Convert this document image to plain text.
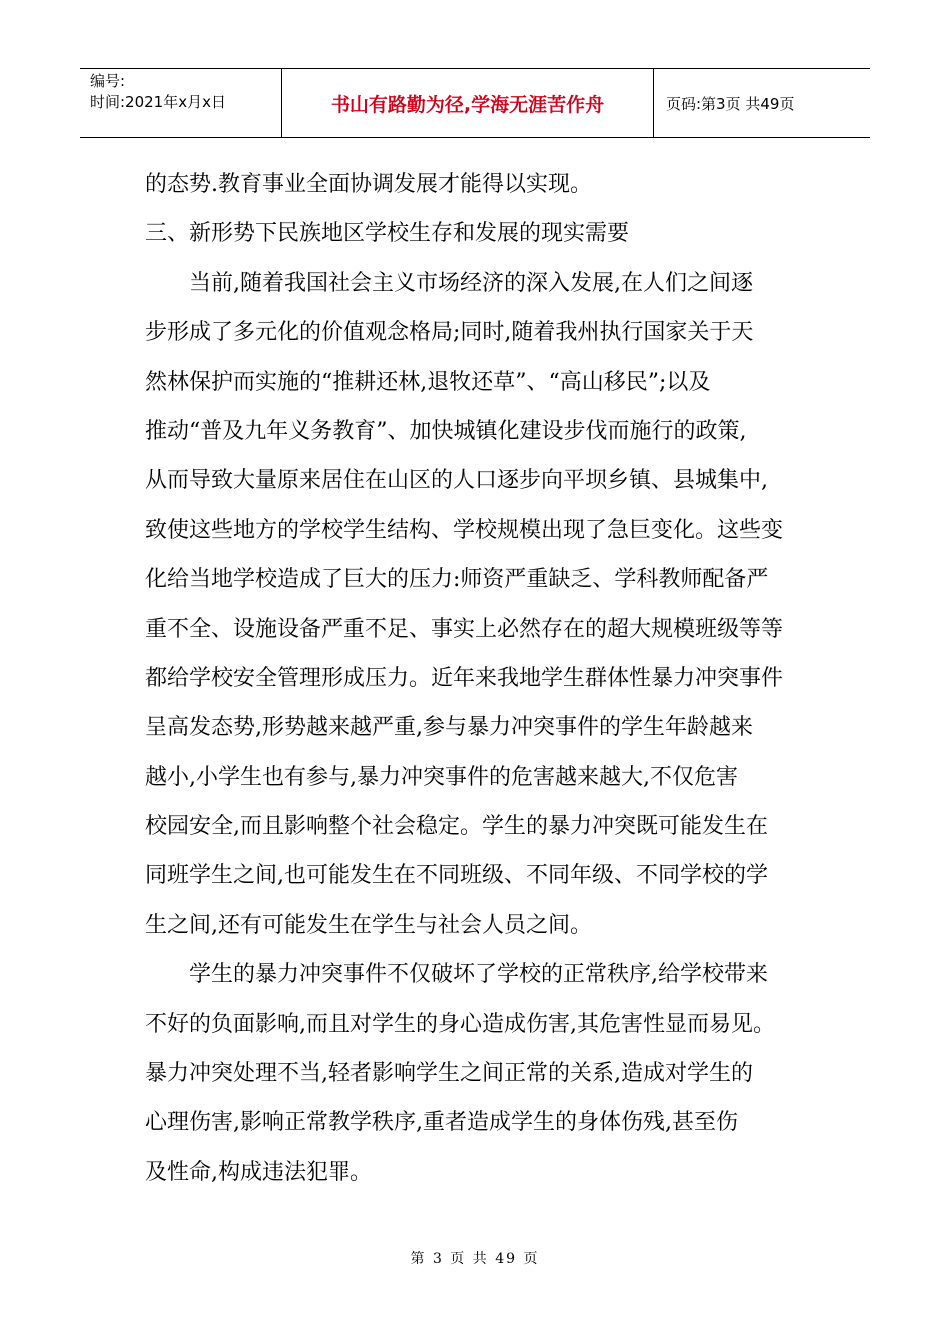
编号:
时间:2021年x月x日	书山有路勤为径,学海无涯苦作舟	页码:第3页 共49页
的态势.教育事业全面协调发展才能得以实现。
三、新形势下民族地区学校生存和发展的现实需要
当前,随着我国社会主义市场经济的深入发展,在人们之间逐
步形成了多元化的价值观念格局;同时,随着我州执行国家关于天
然林保护而实施的“推耕还林,退牧还草”、“高山移民”;以及
推动“普及九年义务教育”、加快城镇化建设步伐而施行的政策,
从而导致大量原来居住在山区的人口逐步向平坝乡镇、县城集中,
致使这些地方的学校学生结构、学校规模出现了急巨变化。这些变
化给当地学校造成了巨大的压力:师资严重缺乏、学科教师配备严
重不全、设施设备严重不足、事实上必然存在的超大规模班级等等
都给学校安全管理形成压力。近年来我地学生群体性暴力冲突事件
呈高发态势,形势越来越严重,参与暴力冲突事件的学生年龄越来
越小,小学生也有参与,暴力冲突事件的危害越来越大,不仅危害
校园安全,而且影响整个社会稳定。学生的暴力冲突既可能发生在
同班学生之间,也可能发生在不同班级、不同年级、不同学校的学
生之间,还有可能发生在学生与社会人员之间。
学生的暴力冲突事件不仅破坏了学校的正常秩序,给学校带来
不好的负面影响,而且对学生的身心造成伤害,其危害性显而易见。
暴力冲突处理不当,轻者影响学生之间正常的关系,造成对学生的
心理伤害,影响正常教学秩序,重者造成学生的身体伤残,甚至伤
及性命,构成违法犯罪。
第 3 页 共 49 页
